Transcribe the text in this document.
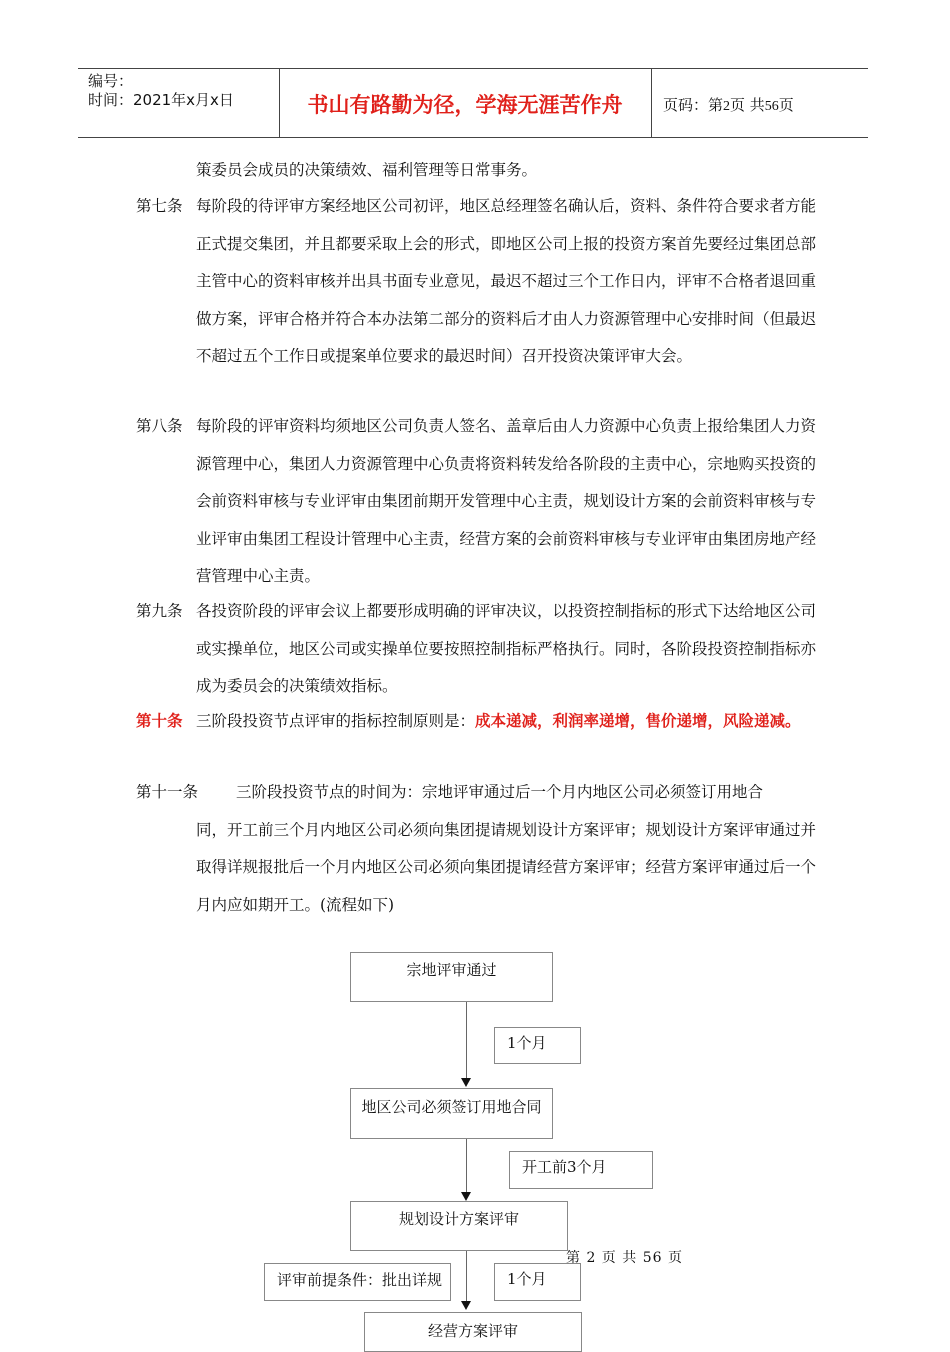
编号：
时间：2021年x月x日	书山有路勤为径，学海无涯苦作舟	页码：第2页 共56页
策委员会成员的决策绩效、福利管理等日常事务。
第七条 每阶段的待评审方案经地区公司初评，地区总经理签名确认后，资料、条件符合要求者方能正式提交集团，并且都要采取上会的形式，即地区公司上报的投资方案首先要经过集团总部主管中心的资料审核并出具书面专业意见，最迟不超过三个工作日内，评审不合格者退回重做方案，评审合格并符合本办法第二部分的资料后才由人力资源管理中心安排时间（但最迟不超过五个工作日或提案单位要求的最迟时间）召开投资决策评审大会。
第八条 每阶段的评审资料均须地区公司负责人签名、盖章后由人力资源中心负责上报给集团人力资源管理中心，集团人力资源管理中心负责将资料转发给各阶段的主责中心，宗地购买投资的会前资料审核与专业评审由集团前期开发管理中心主责，规划设计方案的会前资料审核与专业评审由集团工程设计管理中心主责，经营方案的会前资料审核与专业评审由集团房地产经营管理中心主责。
第九条 各投资阶段的评审会议上都要形成明确的评审决议，以投资控制指标的形式下达给地区公司或实操单位，地区公司或实操单位要按照控制指标严格执行。同时，各阶段投资控制指标亦成为委员会的决策绩效指标。
第十条 三阶段投资节点评审的指标控制原则是：成本递减，利润率递增，售价递增，风险递减。
第十一条 三阶段投资节点的时间为：宗地评审通过后一个月内地区公司必须签订用地合
同，开工前三个月内地区公司必须向集团提请规划设计方案评审；规划设计方案评审通过并取得详规报批后一个月内地区公司必须向集团提请经营方案评审；经营方案评审通过后一个月内应如期开工。(流程如下)
宗地评审通过
1个月
地区公司必须签订用地合同
开工前3个月
规划设计方案评审
评审前提条件：批出详规	1个月
经营方案评审
第 2 页 共 56 页
